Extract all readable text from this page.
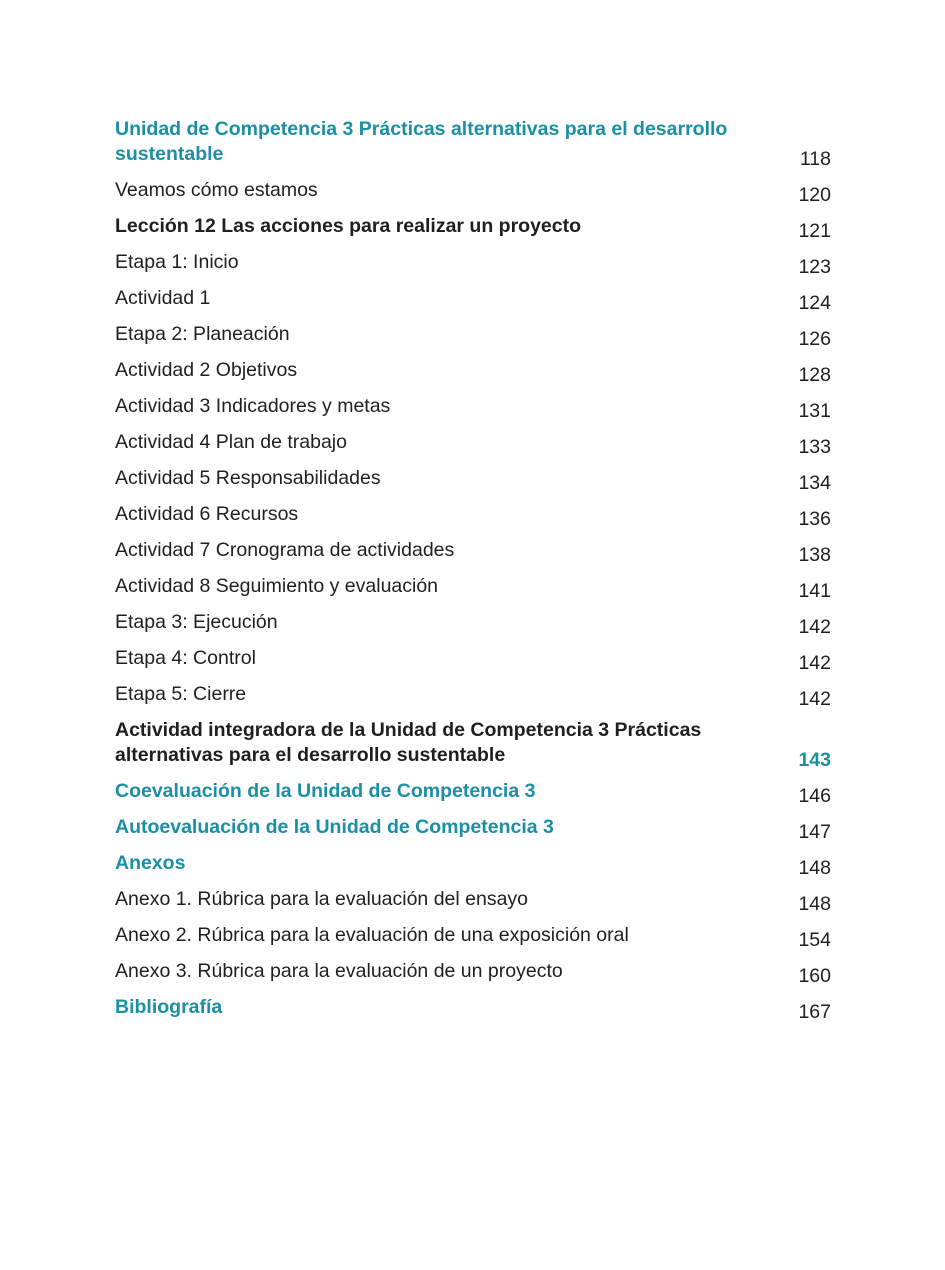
Unidad de Competencia 3 Prácticas alternativas para el desarrollo sustentable	118
Veamos cómo estamos	120
Lección 12 Las acciones para realizar un proyecto	121
Etapa 1: Inicio	123
Actividad 1	124
Etapa 2: Planeación	126
Actividad 2 Objetivos	128
Actividad 3 Indicadores y metas	131
Actividad 4 Plan de trabajo	133
Actividad 5 Responsabilidades	134
Actividad 6 Recursos	136
Actividad 7 Cronograma de actividades	138
Actividad 8 Seguimiento y evaluación	141
Etapa 3: Ejecución	142
Etapa 4: Control	142
Etapa 5: Cierre	142
Actividad integradora de la Unidad de Competencia 3 Prácticas alternativas para el desarrollo sustentable	143
Coevaluación de la Unidad de Competencia 3	146
Autoevaluación de la Unidad de Competencia 3	147
Anexos	148
Anexo 1. Rúbrica para la evaluación del ensayo	148
Anexo 2. Rúbrica para la evaluación de una exposición oral	154
Anexo 3. Rúbrica para la evaluación de un proyecto	160
Bibliografía	167
